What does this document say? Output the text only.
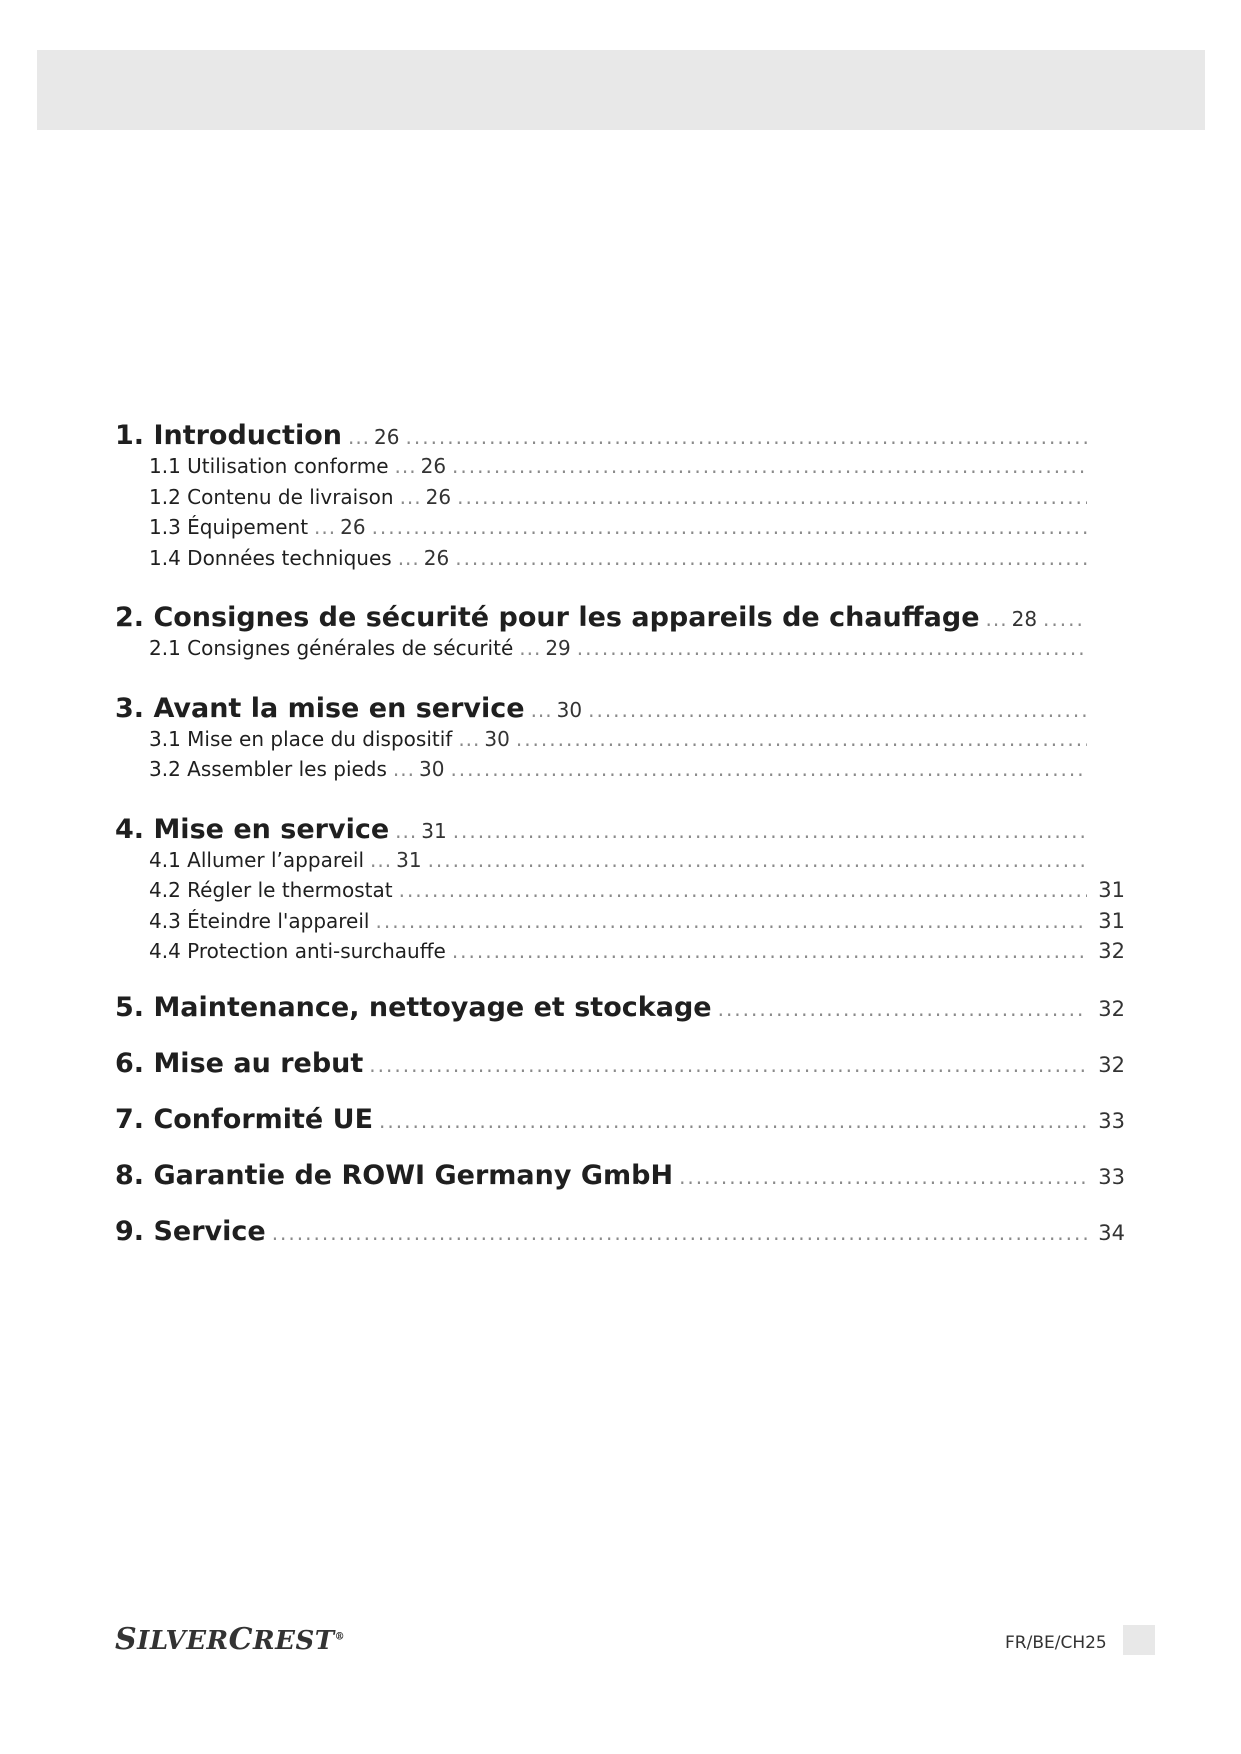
1. Introduction ... 26
.....
1.1 Utilisation conforme ... 26
.....
1.2 Contenu de livraison ... 26
.....
1.3 Équipement ... 26
.....
1.4 Données techniques ... 26
.....
2. Consignes de sécurité pour les appareils de chauffage ... 28
.....
2.1 Consignes générales de sécurité ... 29
.....
3. Avant la mise en service ... 30
.....
3.1 Mise en place du dispositif ... 30
.....
3.2 Assembler les pieds ... 30
.....
4. Mise en service ... 31
.....
4.1 Allumer l’appareil ... 31
.....
4.2 Régler le thermostat .....	31
4.3 Éteindre l'appareil .....	31
4.4 Protection anti-surchauffe .....	32
5. Maintenance, nettoyage et stockage .....	32
6. Mise au rebut .....	32
7. Conformité UE .....	33
8. Garantie de ROWI Germany GmbH .....	33
9. Service .....	34
SILVERCREST®	FR/BE/CH25
